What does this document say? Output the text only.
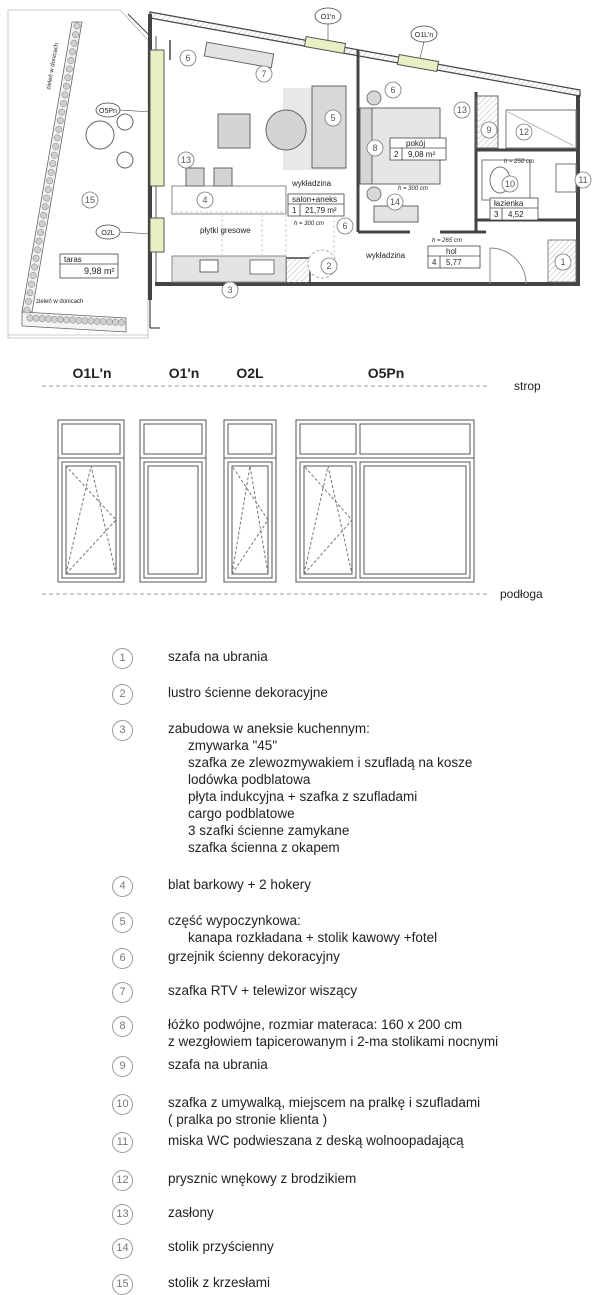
zieleń w donicach
zieleń w donicach
taras
9,98 m²
salon+aneks
1 21,79 m²
h = 300 cm
pokój
2 9,08 m²
h = 300 cm
łazienka
3 4,52
h = 250 cm
hol
4 5,77
h = 265 cm
wykładzina
wykładzina
płytki gresowe
O1'n
O1L'n
O5Pn
O2L
1
2
3
4
5
6
6
6
7
8
9
10	11
12
13
13
14
15
strop
podłoga
O1L'n	O1'n	O2L	O5Pn
1	szafa na ubrania
2	lustro ścienne dekoracyjne
3	zabudowa w aneksie kuchennym:
zmywarka "45"
szafka ze zlewozmywakiem i szufladą na kosze
lodówka podblatowa
płyta indukcyjna + szafka z szufladami
cargo podblatowe
3 szafki ścienne zamykane
szafka ścienna z okapem
4	blat barkowy + 2 hokery
5	część wypoczynkowa:
kanapa rozkładana + stolik kawowy +fotel
6	grzejnik ścienny dekoracyjny
7	szafka RTV + telewizor wiszący
8	łóżko podwójne, rozmiar materaca: 160 x 200 cm
z wezgłowiem tapicerowanym i 2-ma stolikami nocnymi
9	szafa na ubrania
10	szafka z umywalką, miejscem na pralkę i szufladami
( pralka po stronie klienta )
11	miska WC podwieszana z deską wolnoopadającą
12	prysznic wnękowy z brodzikiem
13	zasłony
14	stolik przyścienny
15	stolik z krzesłami
